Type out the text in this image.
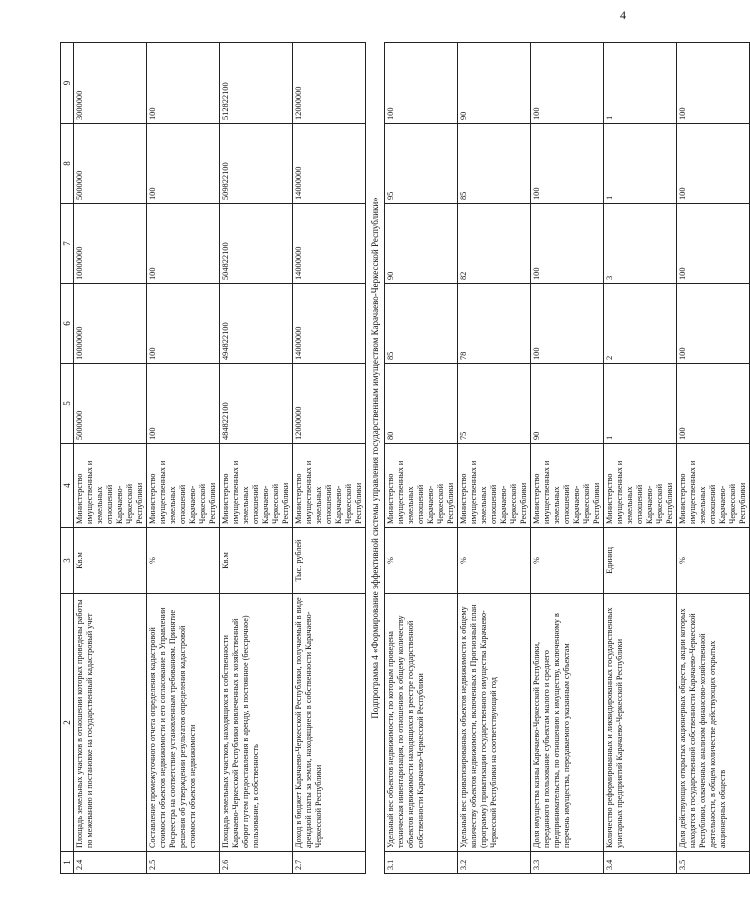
4
1	2	3	4	5	6	7	8	9
2.4	Площадь земельных участков в отношении которых проведены работы по межеванию и постановке на государственный кадастровый учет	Кв.м	Министерство имущественных и земельных отношений Карачаево-Черкесской Республики	5000000	10000000	10000000	5000000	3000000
2.5	Составление промежуточного отчета определения кадастровой стоимости объектов недвижимости и его согласование в Управлении Росреестра на соответствие установленным требованиям. Принятие решения об утверждении результатов определения кадастровой стоимости объектов недвижимости	%	Министерство имущественных и земельных отношений Карачаево-Черкесской Республики	100	100	100	100	100
2.6	Площадь земельных участков, находящихся в собственности Карачаево-Черкесской Республики вовлеченных в хозяйственный оборот путем предоставления в аренду, в постоянное (бессрочное) пользование, в собственность	Кв.м	Министерство имущественных и земельных отношений Карачаево-Черкесской Республики	484822100	494822100	504822100	509822100	512822100
2.7	Доход в бюджет Карачаево-Черкесской Республики, получаемый в виде арендной платы за земли, находящиеся в собственности Карачаево-Черкесской Республики	Тыс. рублей	Министерство имущественных и земельных отношений Карачаево-Черкесской Республики	12000000	14000000	14000000	14000000	12000000
Подпрограмма 4 «Формирование эффективной системы управления государственным имуществом Карачаево-Черкесской Республики»								
3.1	Удельный вес объектов недвижимости, по которым проведена техническая инвентаризация, по отношению к общему количеству объектов недвижимости находящихся в реестре государственной собственности Карачаево-Черкесской Республики	%	Министерство имущественных и земельных отношений Карачаево-Черкесской Республики	80	85	90	95	100
3.2	Удельный вес приватизированных объектов недвижимости к общему количеству объектов недвижимости, включенных в Прогнозный план (программу) приватизации государственного имущества Карачаево-Черкесской Республики на соответствующий год	%	Министерство имущественных и земельных отношений Карачаево-Черкесской Республики	75	78	82	85	90
3.3	Доля имущества казны Карачаево-Черкесской Республики, переданного в пользование субъектам малого и среднего предпринимательства, по отношению к имуществу, включенному в перечень имущества, передаваемого указанным субъектам	%	Министерство имущественных и земельных отношений Карачаево-Черкесской Республики	90	100	100	100	100
3.4	Количество реформированных и ликвидированных государственных унитарных предприятий Карачаево-Черкесской Республики	Единиц	Министерство имущественных и земельных отношений Карачаево-Черкесской Республики	1	2	3	1	1
3.5	Доля действующих открытых акционерных обществ, акции которых находятся в государственной собственности Карачаево-Черкесской Республики, охваченных анализом финансово-хозяйственной деятельности, в общем количестве действующих открытых акционерных обществ	%	Министерство имущественных и земельных отношений Карачаево-Черкесской Республики	100	100	100	100	100
